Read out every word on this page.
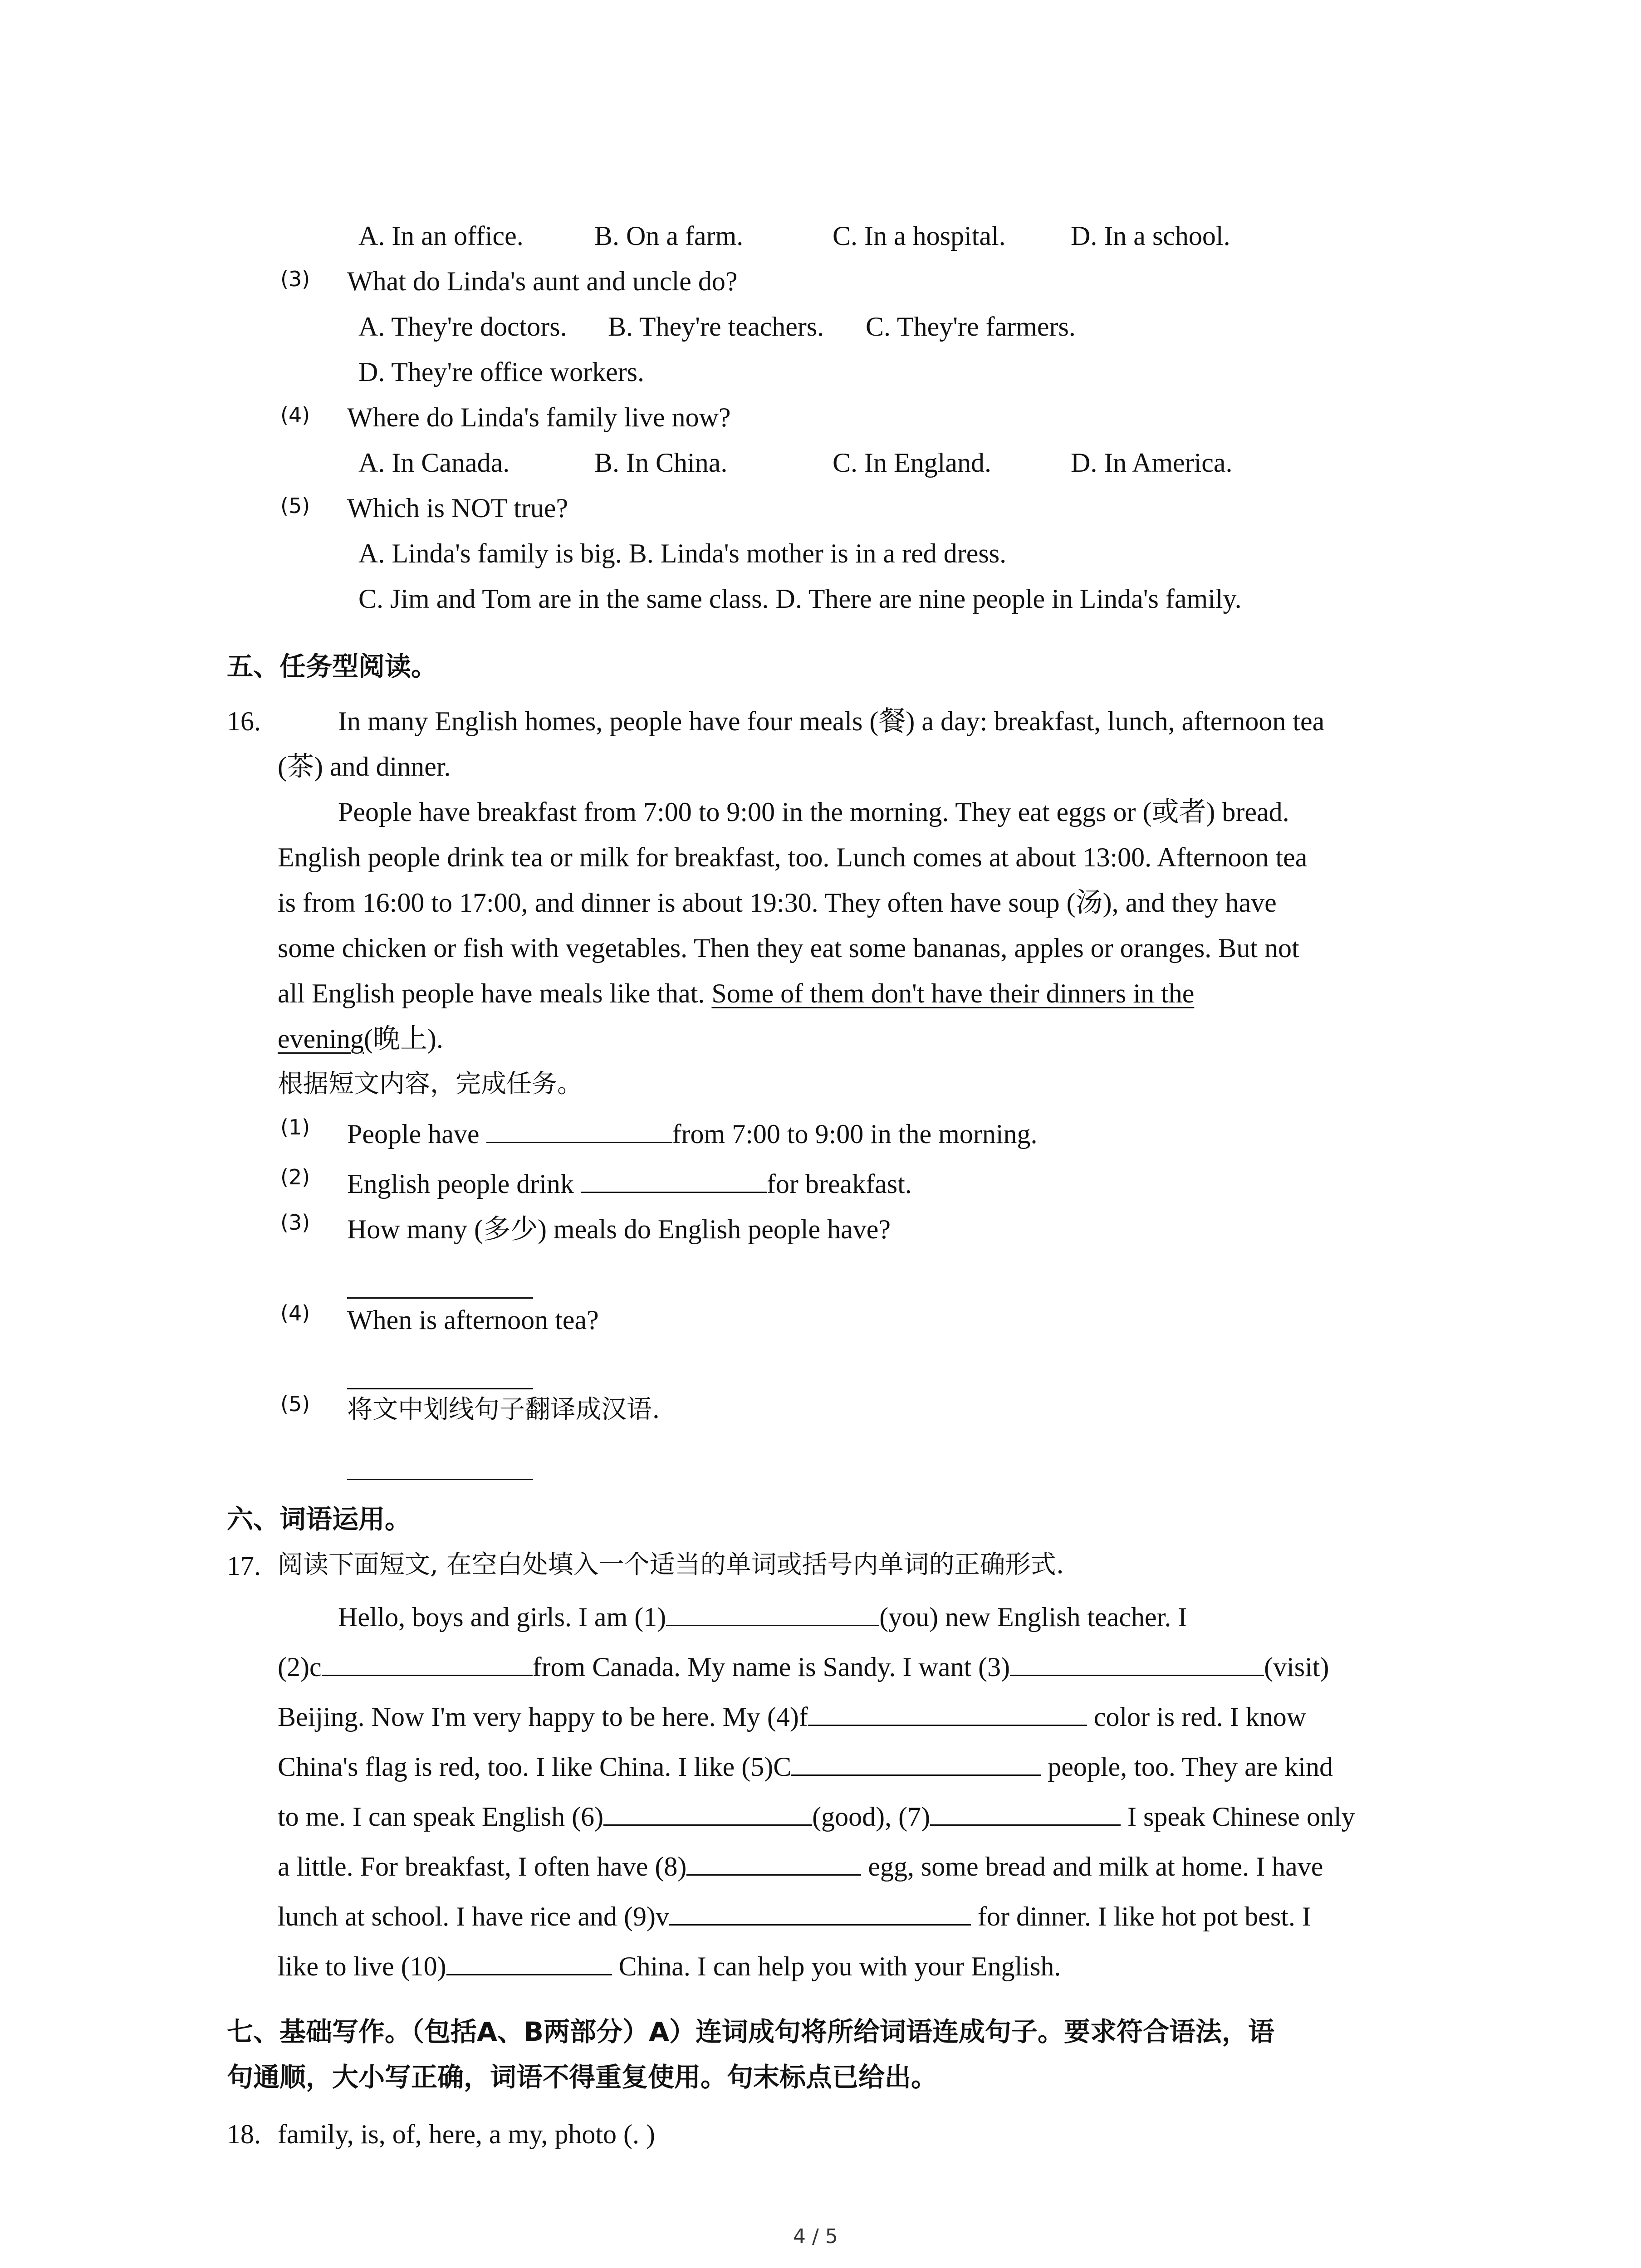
A. In an office.	B. On a farm.	C. In a hospital. D. In a school.
(3) What do Linda's aunt and uncle do?
A. They're doctors. B. They're teachers. C. They're farmers.
D. They're office workers.
(4) Where do Linda's family live now?
A. In Canada.	B. In China.	C. In England.	D. In America.
(5) Which is NOT true?
A. Linda's family is big. B. Linda's mother is in a red dress.
C. Jim and Tom are in the same class. D. There are nine people in Linda's family.
五、任务型阅读。
16.	In many English homes, people have four meals (餐) a day: breakfast, lunch, afternoon tea
(茶) and dinner.
People have breakfast from 7:00 to 9:00 in the morning. They eat eggs or (或者) bread.
English people drink tea or milk for breakfast, too. Lunch comes at about 13:00. Afternoon tea
is from 16:00 to 17:00, and dinner is about 19:30. They often have soup (汤), and they have
some chicken or fish with vegetables. Then they eat some bananas, apples or oranges. But not
all English people have meals like that. Some of them don't have their dinners in the
evening(晚上).
根据短文内容，完成任务。
(1) People have	from 7:00 to 9:00 in the morning.
(2) English people drink	for breakfast.
(3) How many (多少) meals do English people have?
(4) When is afternoon tea?
(5) 将文中划线句子翻译成汉语.
六、词语运用。
17. 阅读下面短文, 在空白处填入一个适当的单词或括号内单词的正确形式.
Hello, boys and girls. I am (1)	(you) new English teacher. I
(2)c	from Canada. My name is Sandy. I want (3)	(visit)
Beijing. Now I'm very happy to be here. My (4)f	color is red. I know
China's flag is red, too. I like China. I like (5)C	people, too. They are kind
to me. I can speak English (6)	(good), (7)	I speak Chinese only
a little. For breakfast, I often have (8)	egg, some bread and milk at home. I have
lunch at school. I have rice and (9)v	for dinner. I like hot pot best. I
like to live (10)	China. I can help you with your English.
七、基础写作。（包括A、B两部分）A）连词成句将所给词语连成句子。要求符合语法，语
句通顺，大小写正确，词语不得重复使用。句末标点已给出。
18. family, is, of, here, a my, photo (. )
4 / 5
